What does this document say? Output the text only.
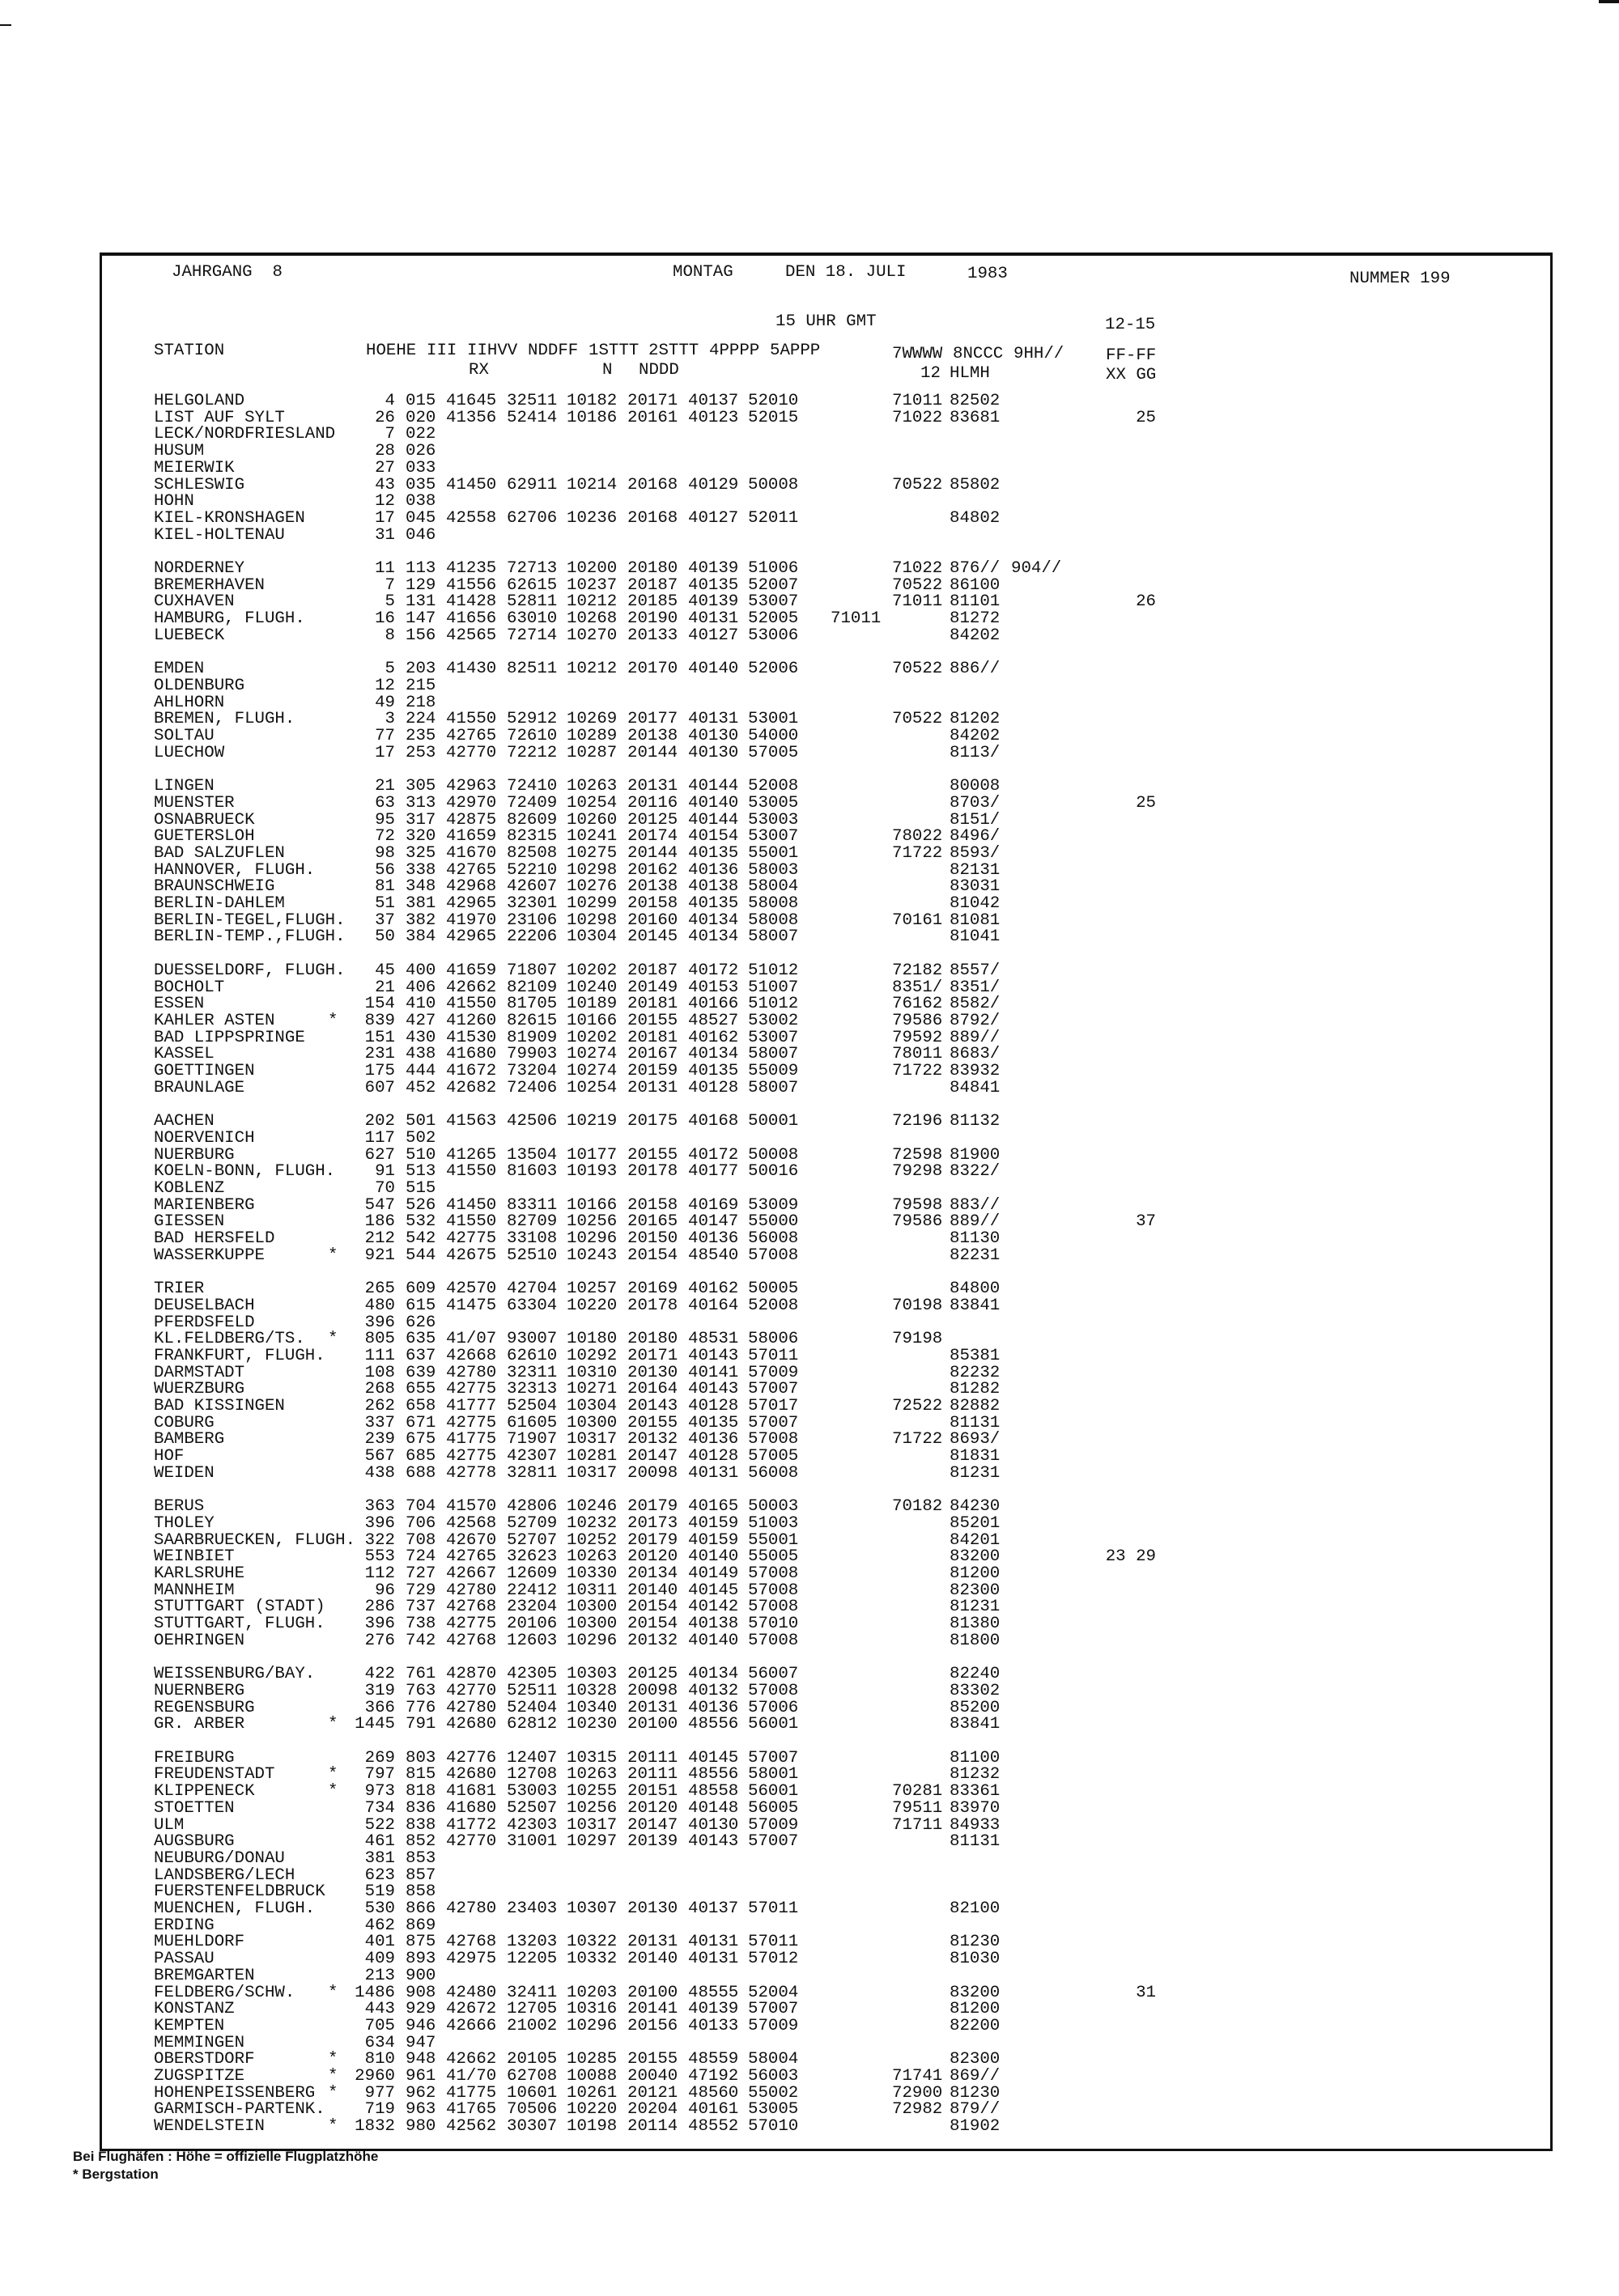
JAHRGANG  8	MONTAG	DEN 18. JULI	1983	NUMMER 199
15 UHR GMT	12-15
STATION	HOEHE III IIHVV NDDFF 1STTT 2STTT 4PPPP 5APPP	7WWWW 8NCCC 9HH// FF-FF
RX	N NDDD	12 HLMH	XX GG
HELGOLAND	4 015 41645 32511 10182 20171 40137 52010	71011 82502
LIST AUF SYLT	26 020 41356 52414 10186 20161 40123 52015	71022 83681	25
LECK/NORDFRIESLAND	7 022
HUSUM	28 026
MEIERWIK	27 033
SCHLESWIG	43 035 41450 62911 10214 20168 40129 50008	70522 85802
HOHN	12 038
KIEL-KRONSHAGEN	17 045 42558 62706 10236 20168 40127 52011	84802
KIEL-HOLTENAU	31 046
NORDERNEY	11 113 41235 72713 10200 20180 40139 51006	71022 876// 904//
BREMERHAVEN	7 129 41556 62615 10237 20187 40135 52007	70522 86100
CUXHAVEN	5 131 41428 52811 10212 20185 40139 53007	71011 81101	26
HAMBURG, FLUGH.	16 147 41656 63010 10268 20190 40131 52005 71011	81272
LUEBECK	8 156 42565 72714 10270 20133 40127 53006	84202
EMDEN	5 203 41430 82511 10212 20170 40140 52006	70522 886//
OLDENBURG	12 215
AHLHORN	49 218
BREMEN, FLUGH.	3 224 41550 52912 10269 20177 40131 53001	70522 81202
SOLTAU	77 235 42765 72610 10289 20138 40130 54000	84202
LUECHOW	17 253 42770 72212 10287 20144 40130 57005	8113/
LINGEN	21 305 42963 72410 10263 20131 40144 52008	80008
MUENSTER	63 313 42970 72409 10254 20116 40140 53005	8703/	25
OSNABRUECK	95 317 42875 82609 10260 20125 40144 53003	8151/
GUETERSLOH	72 320 41659 82315 10241 20174 40154 53007	78022 8496/
BAD SALZUFLEN	98 325 41670 82508 10275 20144 40135 55001	71722 8593/
HANNOVER, FLUGH.	56 338 42765 52210 10298 20162 40136 58003	82131
BRAUNSCHWEIG	81 348 42968 42607 10276 20138 40138 58004	83031
BERLIN-DAHLEM	51 381 42965 32301 10299 20158 40135 58008	81042
BERLIN-TEGEL,FLUGH.	37 382 41970 23106 10298 20160 40134 58008	70161 81081
BERLIN-TEMP.,FLUGH.	50 384 42965 22206 10304 20145 40134 58007	81041
DUESSELDORF, FLUGH.	45 400 41659 71807 10202 20187 40172 51012	72182 8557/
BOCHOLT	21 406 42662 82109 10240 20149 40153 51007	8351/ 8351/
ESSEN	154 410 41550 81705 10189 20181 40166 51012	76162 8582/
KAHLER ASTEN	*	839 427 41260 82615 10166 20155 48527 53002	79586 8792/
BAD LIPPSPRINGE	151 430 41530 81909 10202 20181 40162 53007	79592 889//
KASSEL	231 438 41680 79903 10274 20167 40134 58007	78011 8683/
GOETTINGEN	175 444 41672 73204 10274 20159 40135 55009	71722 83932
BRAUNLAGE	607 452 42682 72406 10254 20131 40128 58007	84841
AACHEN	202 501 41563 42506 10219 20175 40168 50001	72196 81132
NOERVENICH	117 502
NUERBURG	627 510 41265 13504 10177 20155 40172 50008	72598 81900
KOELN-BONN, FLUGH.	91 513 41550 81603 10193 20178 40177 50016	79298 8322/
KOBLENZ	70 515
MARIENBERG	547 526 41450 83311 10166 20158 40169 53009	79598 883//
GIESSEN	186 532 41550 82709 10256 20165 40147 55000	79586 889//	37
BAD HERSFELD	212 542 42775 33108 10296 20150 40136 56008	81130
WASSERKUPPE	*	921 544 42675 52510 10243 20154 48540 57008	82231
TRIER	265 609 42570 42704 10257 20169 40162 50005	84800
DEUSELBACH	480 615 41475 63304 10220 20178 40164 52008	70198 83841
PFERDSFELD	396 626
KL.FELDBERG/TS. *	805 635 41/07 93007 10180 20180 48531 58006	79198
FRANKFURT, FLUGH.	111 637 42668 62610 10292 20171 40143 57011	85381
DARMSTADT	108 639 42780 32311 10310 20130 40141 57009	82232
WUERZBURG	268 655 42775 32313 10271 20164 40143 57007	81282
BAD KISSINGEN	262 658 41777 52504 10304 20143 40128 57017	72522 82882
COBURG	337 671 42775 61605 10300 20155 40135 57007	81131
BAMBERG	239 675 41775 71907 10317 20132 40136 57008	71722 8693/
HOF	567 685 42775 42307 10281 20147 40128 57005	81831
WEIDEN	438 688 42778 32811 10317 20098 40131 56008	81231
BERUS	363 704 41570 42806 10246 20179 40165 50003	70182 84230
THOLEY	396 706 42568 52709 10232 20173 40159 51003	85201
SAARBRUECKEN, FLUGH. 322 708 42670 52707 10252 20179 40159 55001	84201
WEINBIET	553 724 42765 32623 10263 20120 40140 55005	83200	23 29
KARLSRUHE	112 727 42667 12609 10330 20134 40149 57008	81200
MANNHEIM	96 729 42780 22412 10311 20140 40145 57008	82300
STUTTGART (STADT)	286 737 42768 23204 10300 20154 40142 57008	81231
STUTTGART, FLUGH.	396 738 42775 20106 10300 20154 40138 57010	81380
OEHRINGEN	276 742 42768 12603 10296 20132 40140 57008	81800
WEISSENBURG/BAY.	422 761 42870 42305 10303 20125 40134 56007	82240
NUERNBERG	319 763 42770 52511 10328 20098 40132 57008	83302
REGENSBURG	366 776 42780 52404 10340 20131 40136 57006	85200
GR. ARBER	* 1445 791 42680 62812 10230 20100 48556 56001	83841
FREIBURG	269 803 42776 12407 10315 20111 40145 57007	81100
FREUDENSTADT	*	797 815 42680 12708 10263 20111 48556 58001	81232
KLIPPENECK	*	973 818 41681 53003 10255 20151 48558 56001	70281 83361
STOETTEN	734 836 41680 52507 10256 20120 40148 56005	79511 83970
ULM	522 838 41772 42303 10317 20147 40130 57009	71711 84933
AUGSBURG	461 852 42770 31001 10297 20139 40143 57007	81131
NEUBURG/DONAU	381 853
LANDSBERG/LECH	623 857
FUERSTENFELDBRUCK	519 858
MUENCHEN, FLUGH.	530 866 42780 23403 10307 20130 40137 57011	82100
ERDING	462 869
MUEHLDORF	401 875 42768 13203 10322 20131 40131 57011	81230
PASSAU	409 893 42975 12205 10332 20140 40131 57012	81030
BREMGARTEN	213 900
FELDBERG/SCHW. * 1486 908 42480 32411 10203 20100 48555 52004	83200	31
KONSTANZ	443 929 42672 12705 10316 20141 40139 57007	81200
KEMPTEN	705 946 42666 21002 10296 20156 40133 57009	82200
MEMMINGEN	634 947
OBERSTDORF	*	810 948 42662 20105 10285 20155 48559 58004	82300
ZUGSPITZE	* 2960 961 41/70 62708 10088 20040 47192 56003	71741 869//
HOHENPEISSENBERG *	977 962 41775 10601 10261 20121 48560 55002	72900 81230
GARMISCH-PARTENK.	719 963 41765 70506 10220 20204 40161 53005	72982 879//
WENDELSTEIN	* 1832 980 42562 30307 10198 20114 48552 57010	81902
Bei Flughäfen : Höhe = offizielle Flugplatzhöhe
* Bergstation
